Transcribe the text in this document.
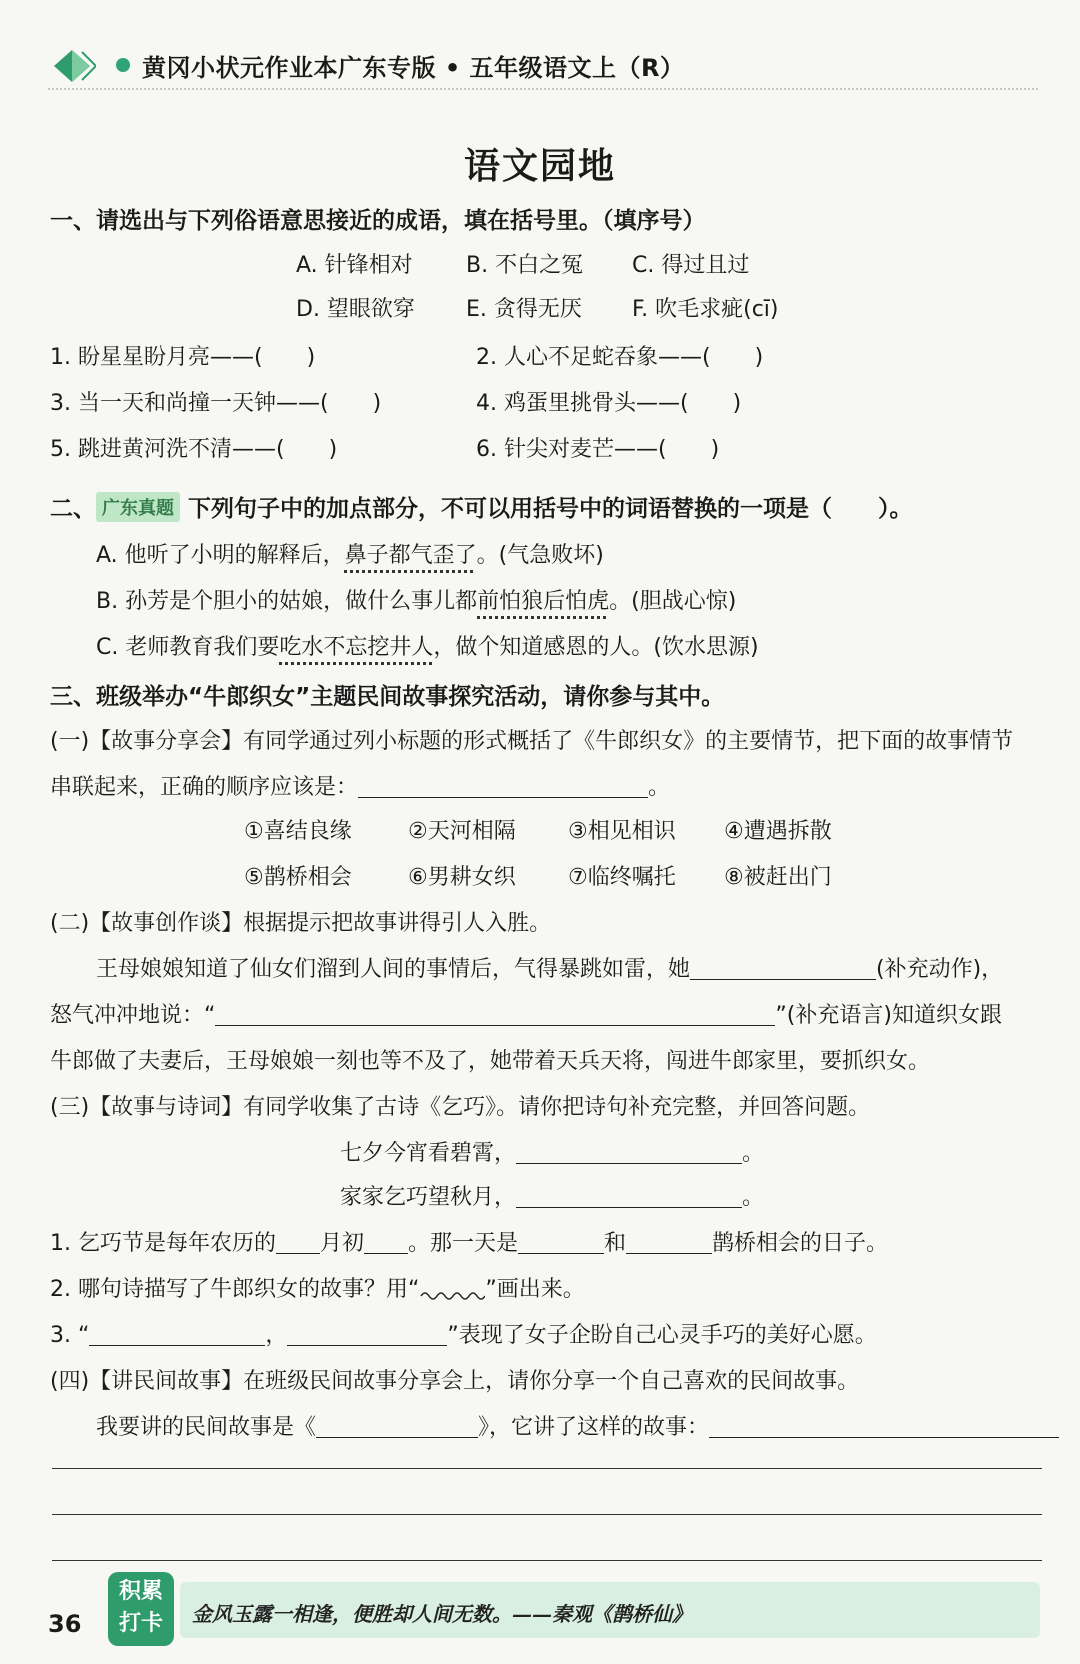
黄冈小状元作业本广东专版 • 五年级语文上（R）
语文园地
一、请选出与下列俗语意思接近的成语，填在括号里。（填序号）
A. 针锋相对 B. 不白之冤 C. 得过且过
D. 望眼欲穿 E. 贪得无厌 F. 吹毛求疵(cī)
1. 盼星星盼月亮——(　　)	2. 人心不足蛇吞象——(　　)
3. 当一天和尚撞一天钟——(　　)	4. 鸡蛋里挑骨头——(　　)
5. 跳进黄河洗不清——(　　)	6. 针尖对麦芒——(　　)
二、 广东真题 下列句子中的加点部分，不可以用括号中的词语替换的一项是（　　）。
A. 他听了小明的解释后，鼻子都气歪了。(气急败坏)
B. 孙芳是个胆小的姑娘，做什么事儿都前怕狼后怕虎。(胆战心惊)
C. 老师教育我们要吃水不忘挖井人，做个知道感恩的人。(饮水思源)
三、班级举办“牛郎织女”主题民间故事探究活动，请你参与其中。
(一)【故事分享会】有同学通过列小标题的形式概括了《牛郎织女》的主要情节，把下面的故事情节
串联起来，正确的顺序应该是：	。
①喜结良缘	②天河相隔 ③相见相识 ④遭遇拆散
⑤鹊桥相会	⑥男耕女织 ⑦临终嘱托 ⑧被赶出门
(二)【故事创作谈】根据提示把故事讲得引人入胜。
王母娘娘知道了仙女们溜到人间的事情后，气得暴跳如雷，她	(补充动作)，
怒气冲冲地说：“	”(补充语言)知道织女跟
牛郎做了夫妻后，王母娘娘一刻也等不及了，她带着天兵天将，闯进牛郎家里，要抓织女。
(三)【故事与诗词】有同学收集了古诗《乞巧》。请你把诗句补充完整，并回答问题。
七夕今宵看碧霄，	。
家家乞巧望秋月，	。
1. 乞巧节是每年农历的 月初 。那一天是	和	鹊桥相会的日子。
2. 哪句诗描写了牛郎织女的故事？用“	”画出来。
3. “	，	”表现了女子企盼自己心灵手巧的美好心愿。
(四)【讲民间故事】在班级民间故事分享会上，请你分享一个自己喜欢的民间故事。
我要讲的民间故事是《	》，它讲了这样的故事：
36
积累
打卡	金风玉露一相逢，便胜却人间无数。——秦观《鹊桥仙》
